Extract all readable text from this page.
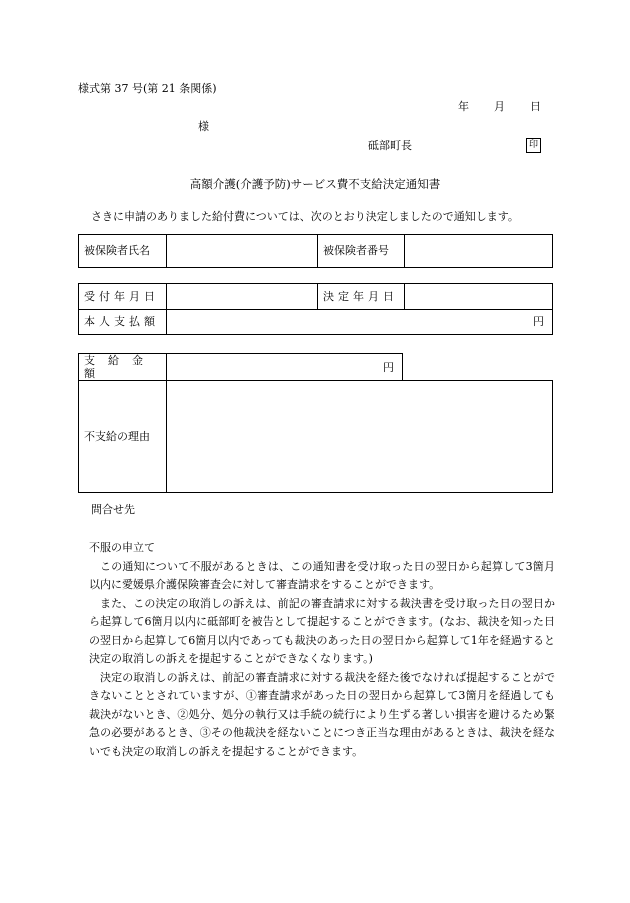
様式第 37 号(第 21 条関係)
年 月 日
様
砥部町長	印
高額介護(介護予防)サービス費不支給決定通知書
さきに申請のありました給付費については、次のとおり決定しましたので通知します。
被保険者氏名		被保険者番号	
受付年月日		決定年月日	
本人支払額	円		
支給金額	円	
不支給の理由		
問合せ先

不服の申立て

この通知について不服があるときは、この通知書を受け取った日の翌日から起算して3箇月以内に愛媛県介護保険審査会に対して審査請求をすることができます。

また、この決定の取消しの訴えは、前記の審査請求に対する裁決書を受け取った日の翌日から起算して6箇月以内に砥部町を被告として提起することができます。(なお、裁決を知った日の翌日から起算して6箇月以内であっても裁決のあった日の翌日から起算して1年を経過すると決定の取消しの訴えを提起することができなくなります。)

決定の取消しの訴えは、前記の審査請求に対する裁決を経た後でなければ提起することができないこととされていますが、①審査請求があった日の翌日から起算して3箇月を経過しても裁決がないとき、②処分、処分の執行又は手続の続行により生ずる著しい損害を避けるため緊急の必要があるとき、③その他裁決を経ないことにつき正当な理由があるときは、裁決を経ないでも決定の取消しの訴えを提起することができます。
